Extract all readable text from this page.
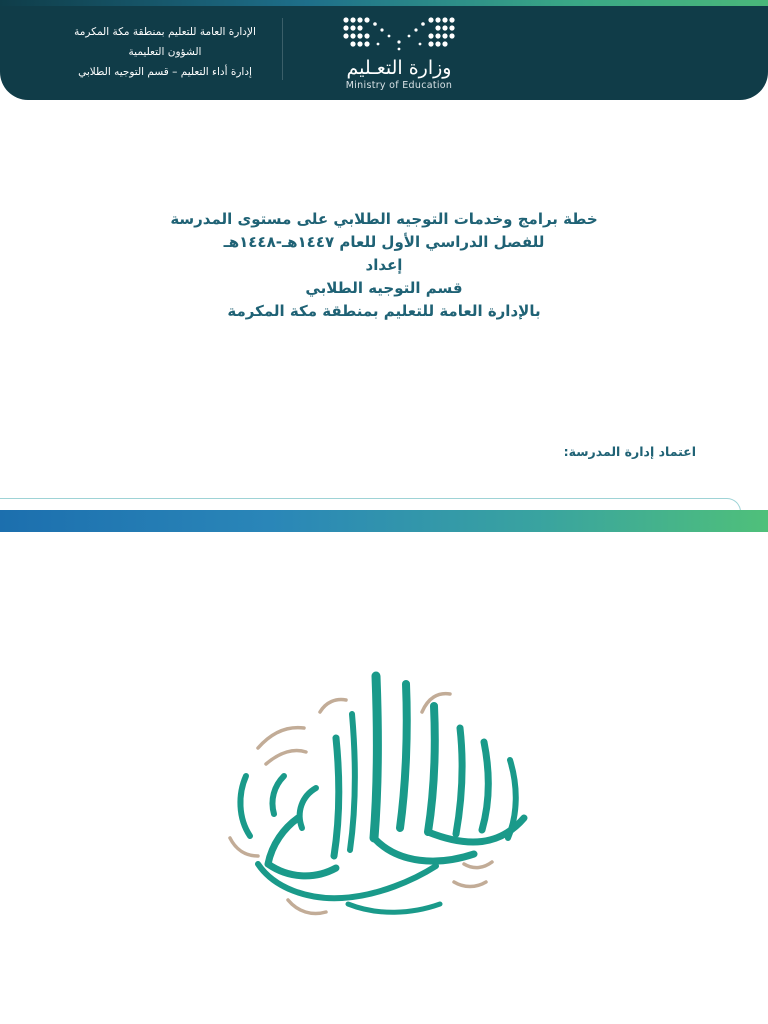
الإدارة العامة للتعليم بمنطقة مكة المكرمة
الشؤون التعليمية
إدارة أداء التعليم – قسم التوجيه الطلابي	وزارة التعـليم
Ministry of Education
خطة برامج وخدمات التوجيه الطلابي على مستوى المدرسة
للفصل الدراسي الأول للعام ١٤٤٧هـ-١٤٤٨هـ
إعداد
قسم التوجيه الطلابي
بالإدارة العامة للتعليم بمنطقة مكة المكرمة
اعتماد إدارة المدرسة:
